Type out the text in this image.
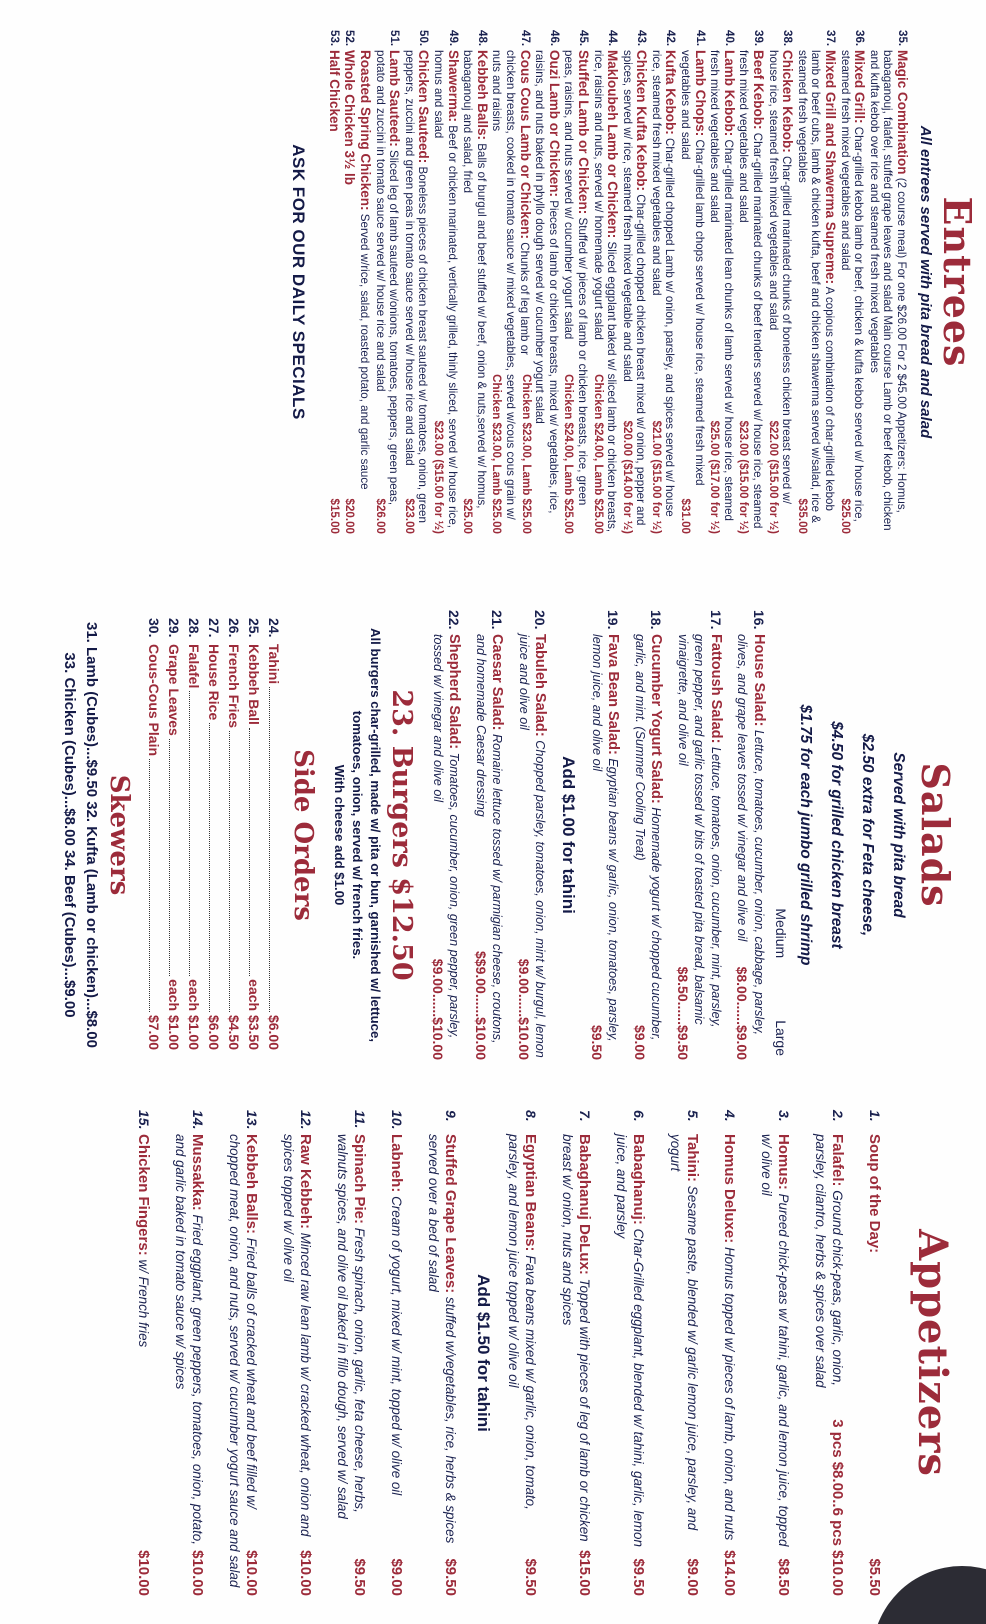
Entrees
All entrees served with pita bread and salad
35.
Magic Combination (2 course meal) For one $26.00 For 2 $45.00 Appetizers: Homus, babaganouj, falafel, stuffed grape leaves and salad Main course Lamb or beef kebob, chicken and kufta kebob over rice and steamed fresh mixed vegetables
36.
Mixed Grill: Char-grilled kebob lamb or beef, chicken & kufta kebob served w/ house rice, steamed fresh mixed vegetables and salad
$25.00
37.
Mixed Grill and Shawerma Supreme: A copious combination of char-grilled kebob lamb or beef cubs, lamb & chicken kufta, beef and chicken shawerma served w/salad, rice & steamed fresh vegetables
$35.00
38.
Chicken Kebob: Char-grilled marinated chunks of boneless chicken breast served w/ house rice, steamed fresh mixed vegetables and salad
$22.00 ($15.00 for ½)
39.
Beef Kebob: Char-grilled marinated chunks of beef tenders served w/ house rice, steamed fresh mixed vegetables and salad
$23.00 ($15.00 for ½)
40.
Lamb Kebob: Char-grilled marinated lean chunks of lamb served w/ house rice, steamed fresh mixed vegetables and salad
$25.00 ($17.00 for ½)
41.
Lamb Chops: Char-grilled lamb chops served w/ house rice, steamed fresh mixed vegetables and salad
$31.00
42.
Kufta Kebob: Char-grilled chopped Lamb w/ onion, parsley, and spices served w/ house rice, steamed fresh mixed vegetables and salad
$21.00 ($15.00 for ½)
43.
Chicken Kufta Kebob: Char-grilled chopped chicken breast mixed w/ onion, pepper and spices, served w/ rice, steamed fresh mixed vegetable and salad
$20.00 ($14.00 for ½)
44.
Makloubeh Lamb or Chicken: Sliced eggplant baked w/ sliced lamb or chicken breasts, rice, raisins and nuts, served w/ homemade yogurt salad
Chicken $24.00, Lamb $25.00
45.
Stuffed Lamb or Chicken: Stuffed w/ pieces of lamb or chicken breasts, rice, green peas, raisins, and nuts served w/ cucumber yogurt salad
Chicken $24.00, Lamb $25.00
46.
Ouzi Lamb or Chicken: Pieces of lamb or chicken breasts, mixed w/ vegetables, rice, raisins, and nuts baked in phyllo dough served w/ cucumber yogurt salad
Chicken $23.00, Lamb $25.00
47.
Cous Cous Lamb or Chicken: Chunks of leg lamb or chicken breasts, cooked in tomato sauce w/ mixed vegetables, served w/cous cous grain w/ nuts and raisins
Chicken $23.00, Lamb $25.00
48.
Kebbeh Balls: Balls of burgul and beef stuffed w/ beef, onion & nuts,served w/ homus, babaganouj and salad, fried
$25.00
49.
Shawerma: Beef or chicken marinated, vertically grilled, thinly sliced, served w/ house rice, homus and salad
$23.00 ($15.00 for ½)
50.
Chicken Sauteed: Boneless pieces of chicken breast sauteed w/ tomatoes, onion, green peppers, zuccini and green peas in tomato sauce served w/ house rice and salad
$23.00
51.
Lamb Sauteed: Sliced leg of lamb sauteed w/onions, tomatoes, peppers, green peas, potato and zuccini in tomato sauce served w/ house rice and salad
$26.00
Roasted Spring Chicken: Served w/rice, salad, roasted potato, and garlic sauce
52.
Whole Chicken 3½ lb
$20.00
53.
Half Chicken
$15.00
ASK FOR OUR DAILY SPECIALS
Salads
Served with pita bread
$2.50 extra for Feta cheese,
$4.50 for grilled chicken breast
$1.75 for each jumbo grilled shrimp
Medium
Large
16.
House Salad: Lettuce, tomatoes, cucumber, onion, cabbage, parsley, olives, and grape leaves tossed w/ vinegar and olive oil
$8.00......$9.00
17.
Fattoush Salad: Lettuce, tomatoes, onion, cucumber, mint, parsley, green pepper, and garlic tossed w/ bits of toasted pita bread, balsamic vinaigrette, and olive oil
$8.50......$9.50
18.
Cucumber Yogurt Salad: Homemade yogurt w/ chopped cucumber, garlic, and mint. (Summer Cooling Treat)
$9.00
19.
Fava Bean Salad: Egyptian beans w/ garlic, onion, tomatoes, parsley, lemon juice, and olive oil
$9.50
Add $1.00 for tahini
20.
Tabuleh Salad: Chopped parsley, tomatoes, onion, mint w/ burgul, lemon juice and olive oil
$9.00......$10.00
21.
Caesar Salad: Romaine lettuce tossed w/ parmigian cheese, croutons, and homemade Caesar dressing
$$9.00......$10.00
22.
Shepherd Salad: Tomatoes, cucumber, onion, green pepper, parsley, tossed w/ vinegar and olive oil
$9.00......$10.00
23. Burgers $12.50
All burgers char-grilled, made w/ pita or bun, garnished w/ lettuce, tomatoes, onion, served w/ french fries.
With cheese add $1.00
Side Orders
24.
Tahini
$6.00
25.
Kebbeh Ball
each $3.50
26.
French Fries
$4.50
27.
House Rice
$6.00
28.
Falafel
each $1.00
29.
Grape Leaves
each $1.00
30.
Cous-Cous Plain
$7.00
Skewers
31. Lamb (Cubes)...$9.50 32. Kufta (Lamb or chicken)...$8.00
33. Chicken (Cubes)...$8.00 34. Beef (Cubes)...$9.00
Appetizers
1.
$5.50
Soup of the Day:
2.
3 pcs $8.00..6 pcs $10.00
Falafel: Ground chick-peas, garlic, onion, parsley, cilantro, herbs & spices over salad
3.
$8.50
Homus: Pureed chick-peas w/ tahini, garlic, and lemon juice, topped w/ olive oil
4.
$14.00
Homus Deluxe: Homus topped w/ pieces of lamb, onion, and nuts
5.
$9.00
Tahini: Sesame paste, blended w/ garlic lemon juice, parsley, and yogurt
6.
$9.50
Babaghanuj: Char-Grilled eggplant, blended w/ tahini, garlic, lemon juice, and parsley
7.
$15.00
Babaghanuj DeLux: Topped with pieces of leg of lamb or chicken breast w/ onion, nuts and spices
8.
$9.50
Egyptian Beans: Fava beans mixed w/ garlic, onion, tomato, parsley, and lemon juice topped w/ olive oil
Add $1.50 for tahini
9.
$9.50
Stuffed Grape Leaves: stuffed w/vegetables, rice, herbs & spices served over a bed of salad
10.
$9.00
Labneh: Cream of yogurt, mixed w/ mint, topped w/ olive oil
11.
$9.50
Spinach Pie: Fresh spinach, onion, garlic, feta cheese, herbs, walnuts spices, and olive oil baked in fillo dough, served w/ salad
12.
$10.00
Raw Kebbeh: Minced raw lean lamb w/ cracked wheat, onion and spices topped w/ olive oil
13.
$10.00
Kebbeh Balls: Fried balls of cracked wheat and beef filled w/ chopped meat, onion, and nuts, served w/ cucumber yogurt sauce and salad
14.
$10.00
Mussakka: Fried eggplant, green peppers, tomatoes, onion, potato, and garlic baked in tomato sauce w/ spices
15.
$10.00
Chicken Fingers: w/ French fries
